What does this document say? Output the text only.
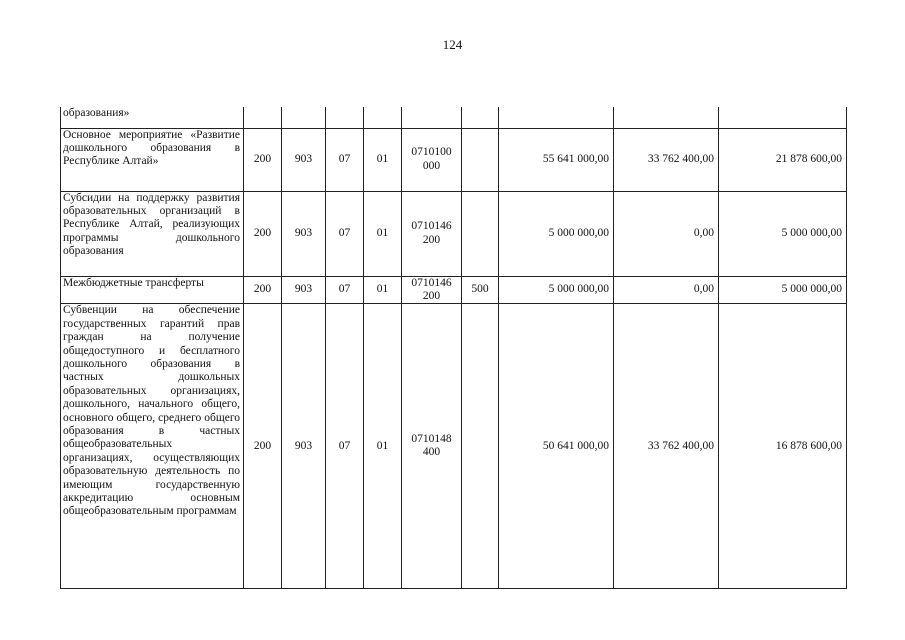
124
образования»									
Основное мероприятие «Развитие дошкольного образования в Республике Алтай»	200	903	07	01	0710100 000		55 641 000,00	33 762 400,00	21 878 600,00
Субсидии на поддержку развития образовательных организаций в Республике Алтай, реализующих программы дошкольного образования	200	903	07	01	0710146 200		5 000 000,00	0,00	5 000 000,00
Межбюджетные трансферты	200	903	07	01	0710146 200	500	5 000 000,00	0,00	5 000 000,00
Субвенции на обеспечение государственных гарантий прав граждан на получение общедоступного и бесплатного дошкольного образования в частных дошкольных образовательных организациях, дошкольного, начального общего, основного общего, среднего общего образования в частных общеобразовательных организациях, осуществляющих образовательную деятельность по имеющим государственную аккредитацию основным общеобразовательным программам	200	903	07	01	0710148 400		50 641 000,00	33 762 400,00	16 878 600,00
